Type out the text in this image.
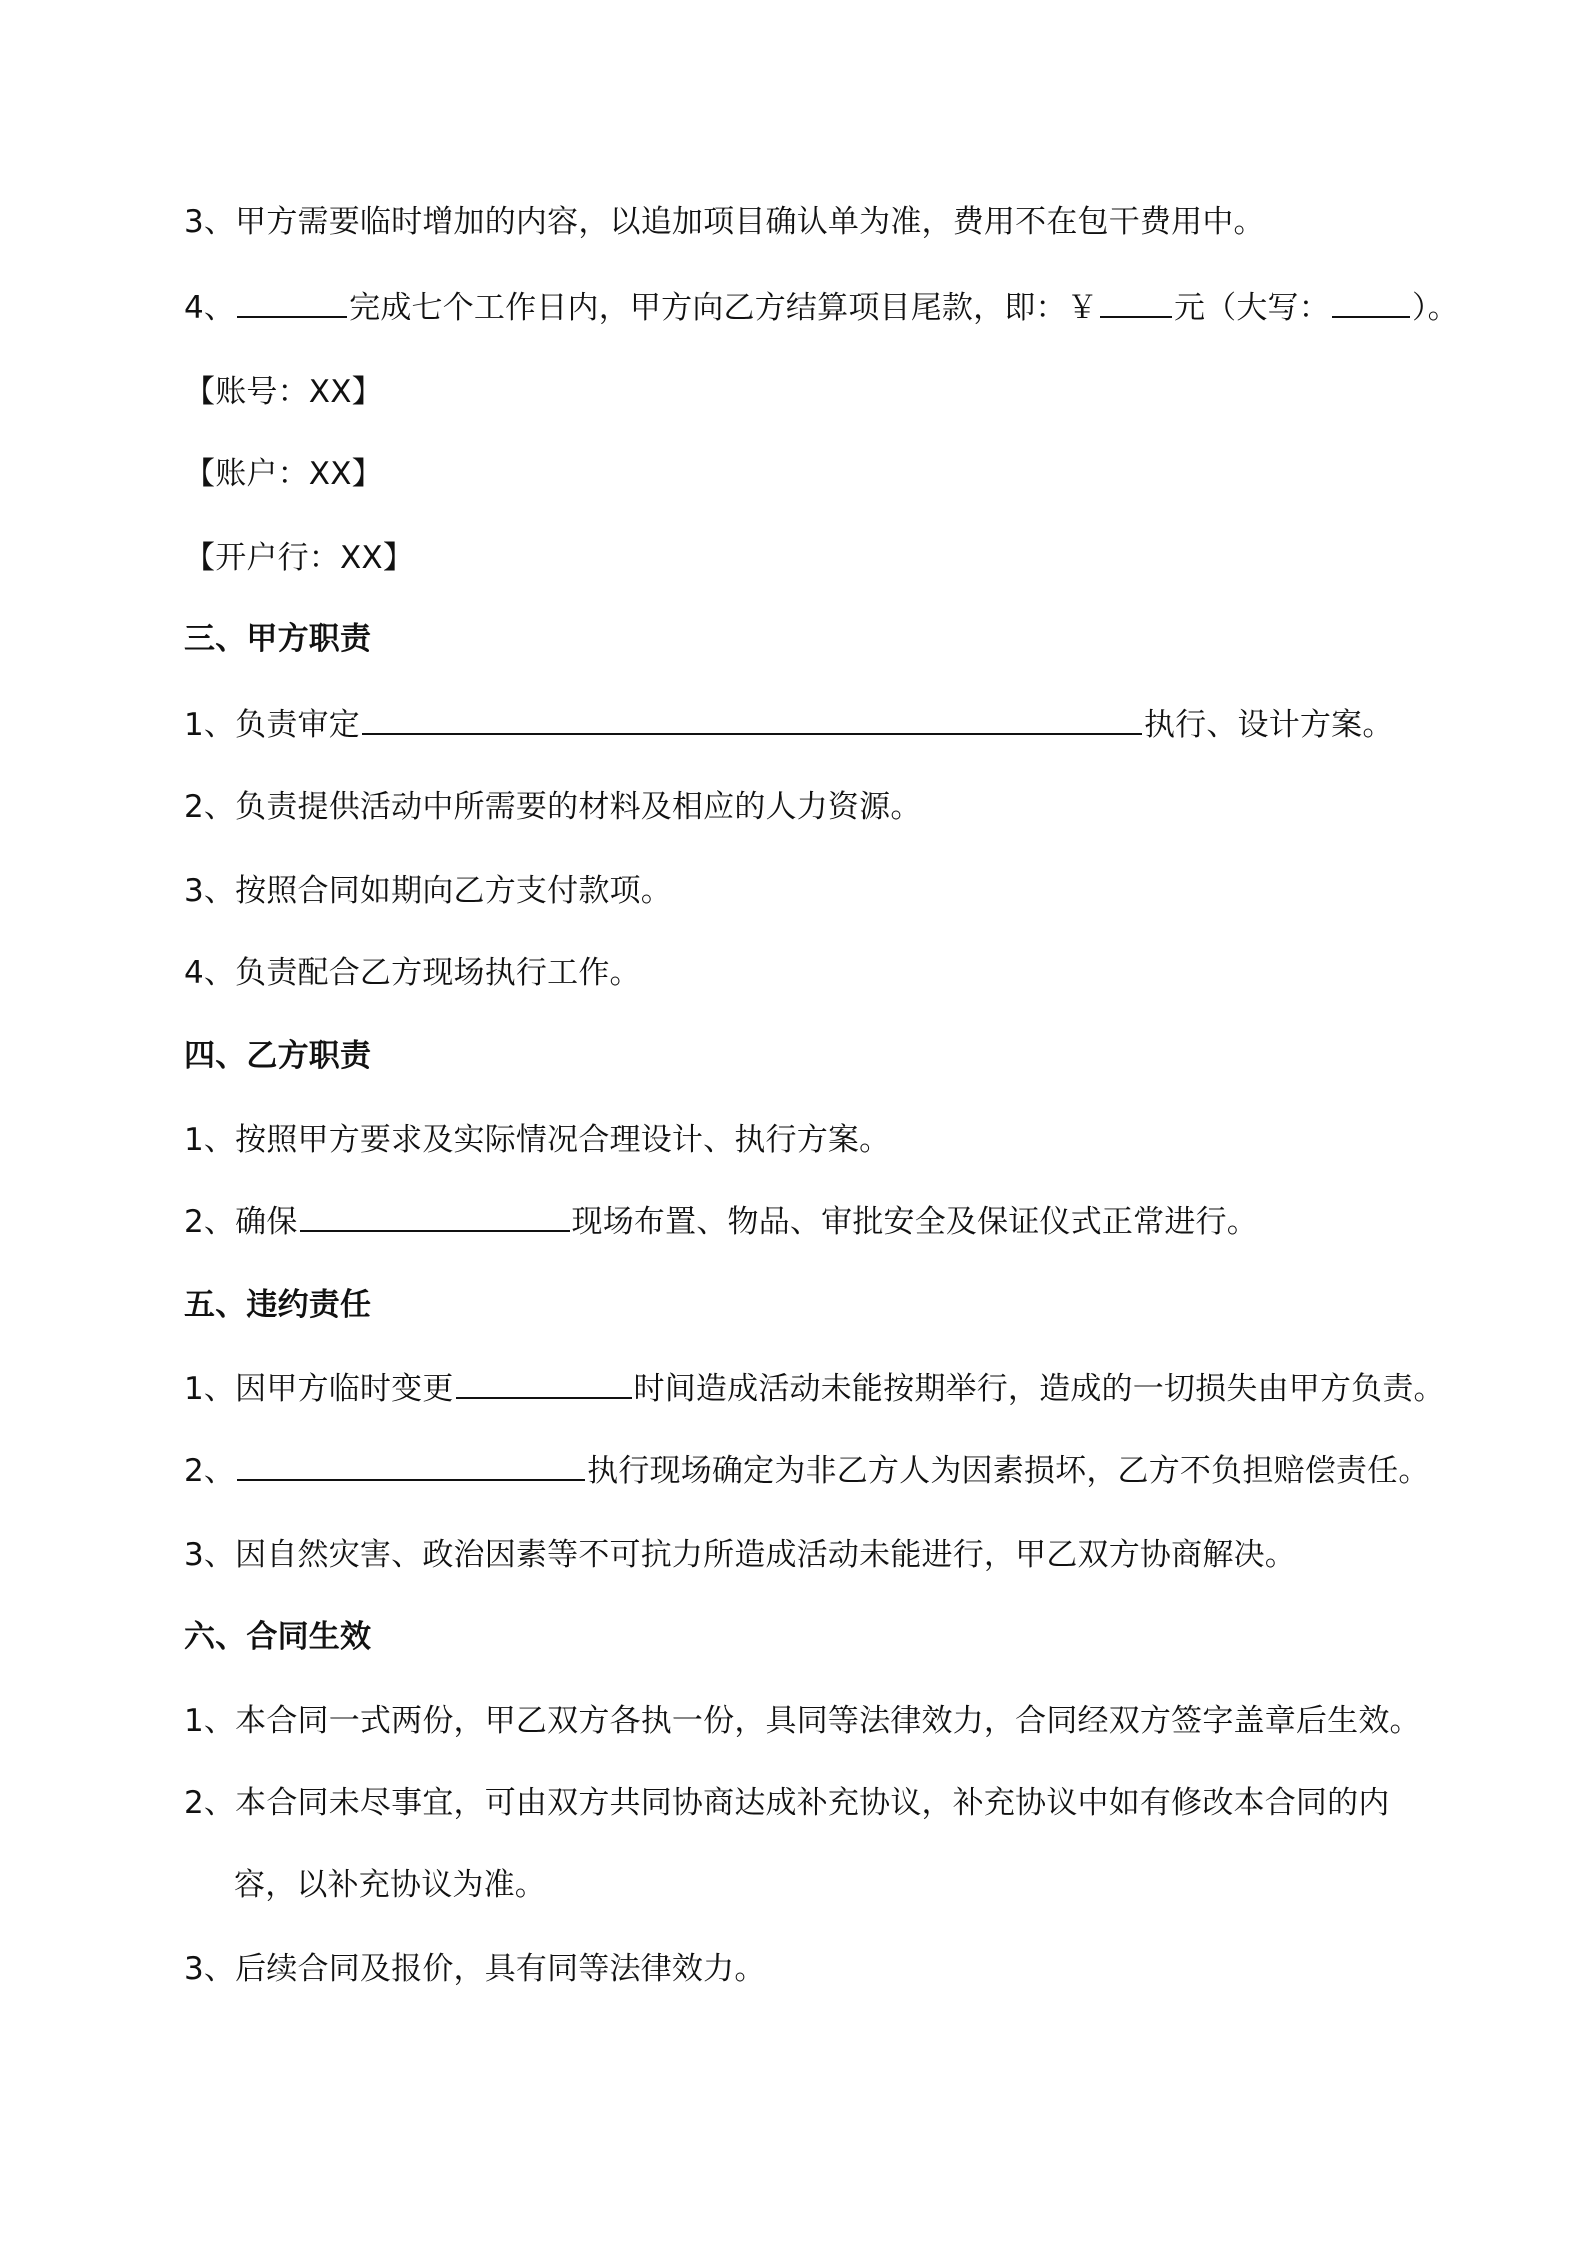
3、甲方需要临时增加的内容，以追加项目确认单为准，费用不在包干费用中。
4、	完成七个工作日内，甲方向乙方结算项目尾款，即：￥ 元（大写：	）。
【账号：XX】
【账户：XX】
【开户行：XX】
三、甲方职责
1、负责审定	执行、设计方案。
2、负责提供活动中所需要的材料及相应的人力资源。
3、按照合同如期向乙方支付款项。
4、负责配合乙方现场执行工作。
四、乙方职责
1、按照甲方要求及实际情况合理设计、执行方案。
2、确保	现场布置、物品、审批安全及保证仪式正常进行。
五、违约责任
1、因甲方临时变更	时间造成活动未能按期举行，造成的一切损失由甲方负责。
2、	执行现场确定为非乙方人为因素损坏，乙方不负担赔偿责任。
3、因自然灾害、政治因素等不可抗力所造成活动未能进行，甲乙双方协商解决。
六、合同生效
1、本合同一式两份，甲乙双方各执一份，具同等法律效力，合同经双方签字盖章后生效。
2、本合同未尽事宜，可由双方共同协商达成补充协议，补充协议中如有修改本合同的内
容，以补充协议为准。
3、后续合同及报价，具有同等法律效力。
